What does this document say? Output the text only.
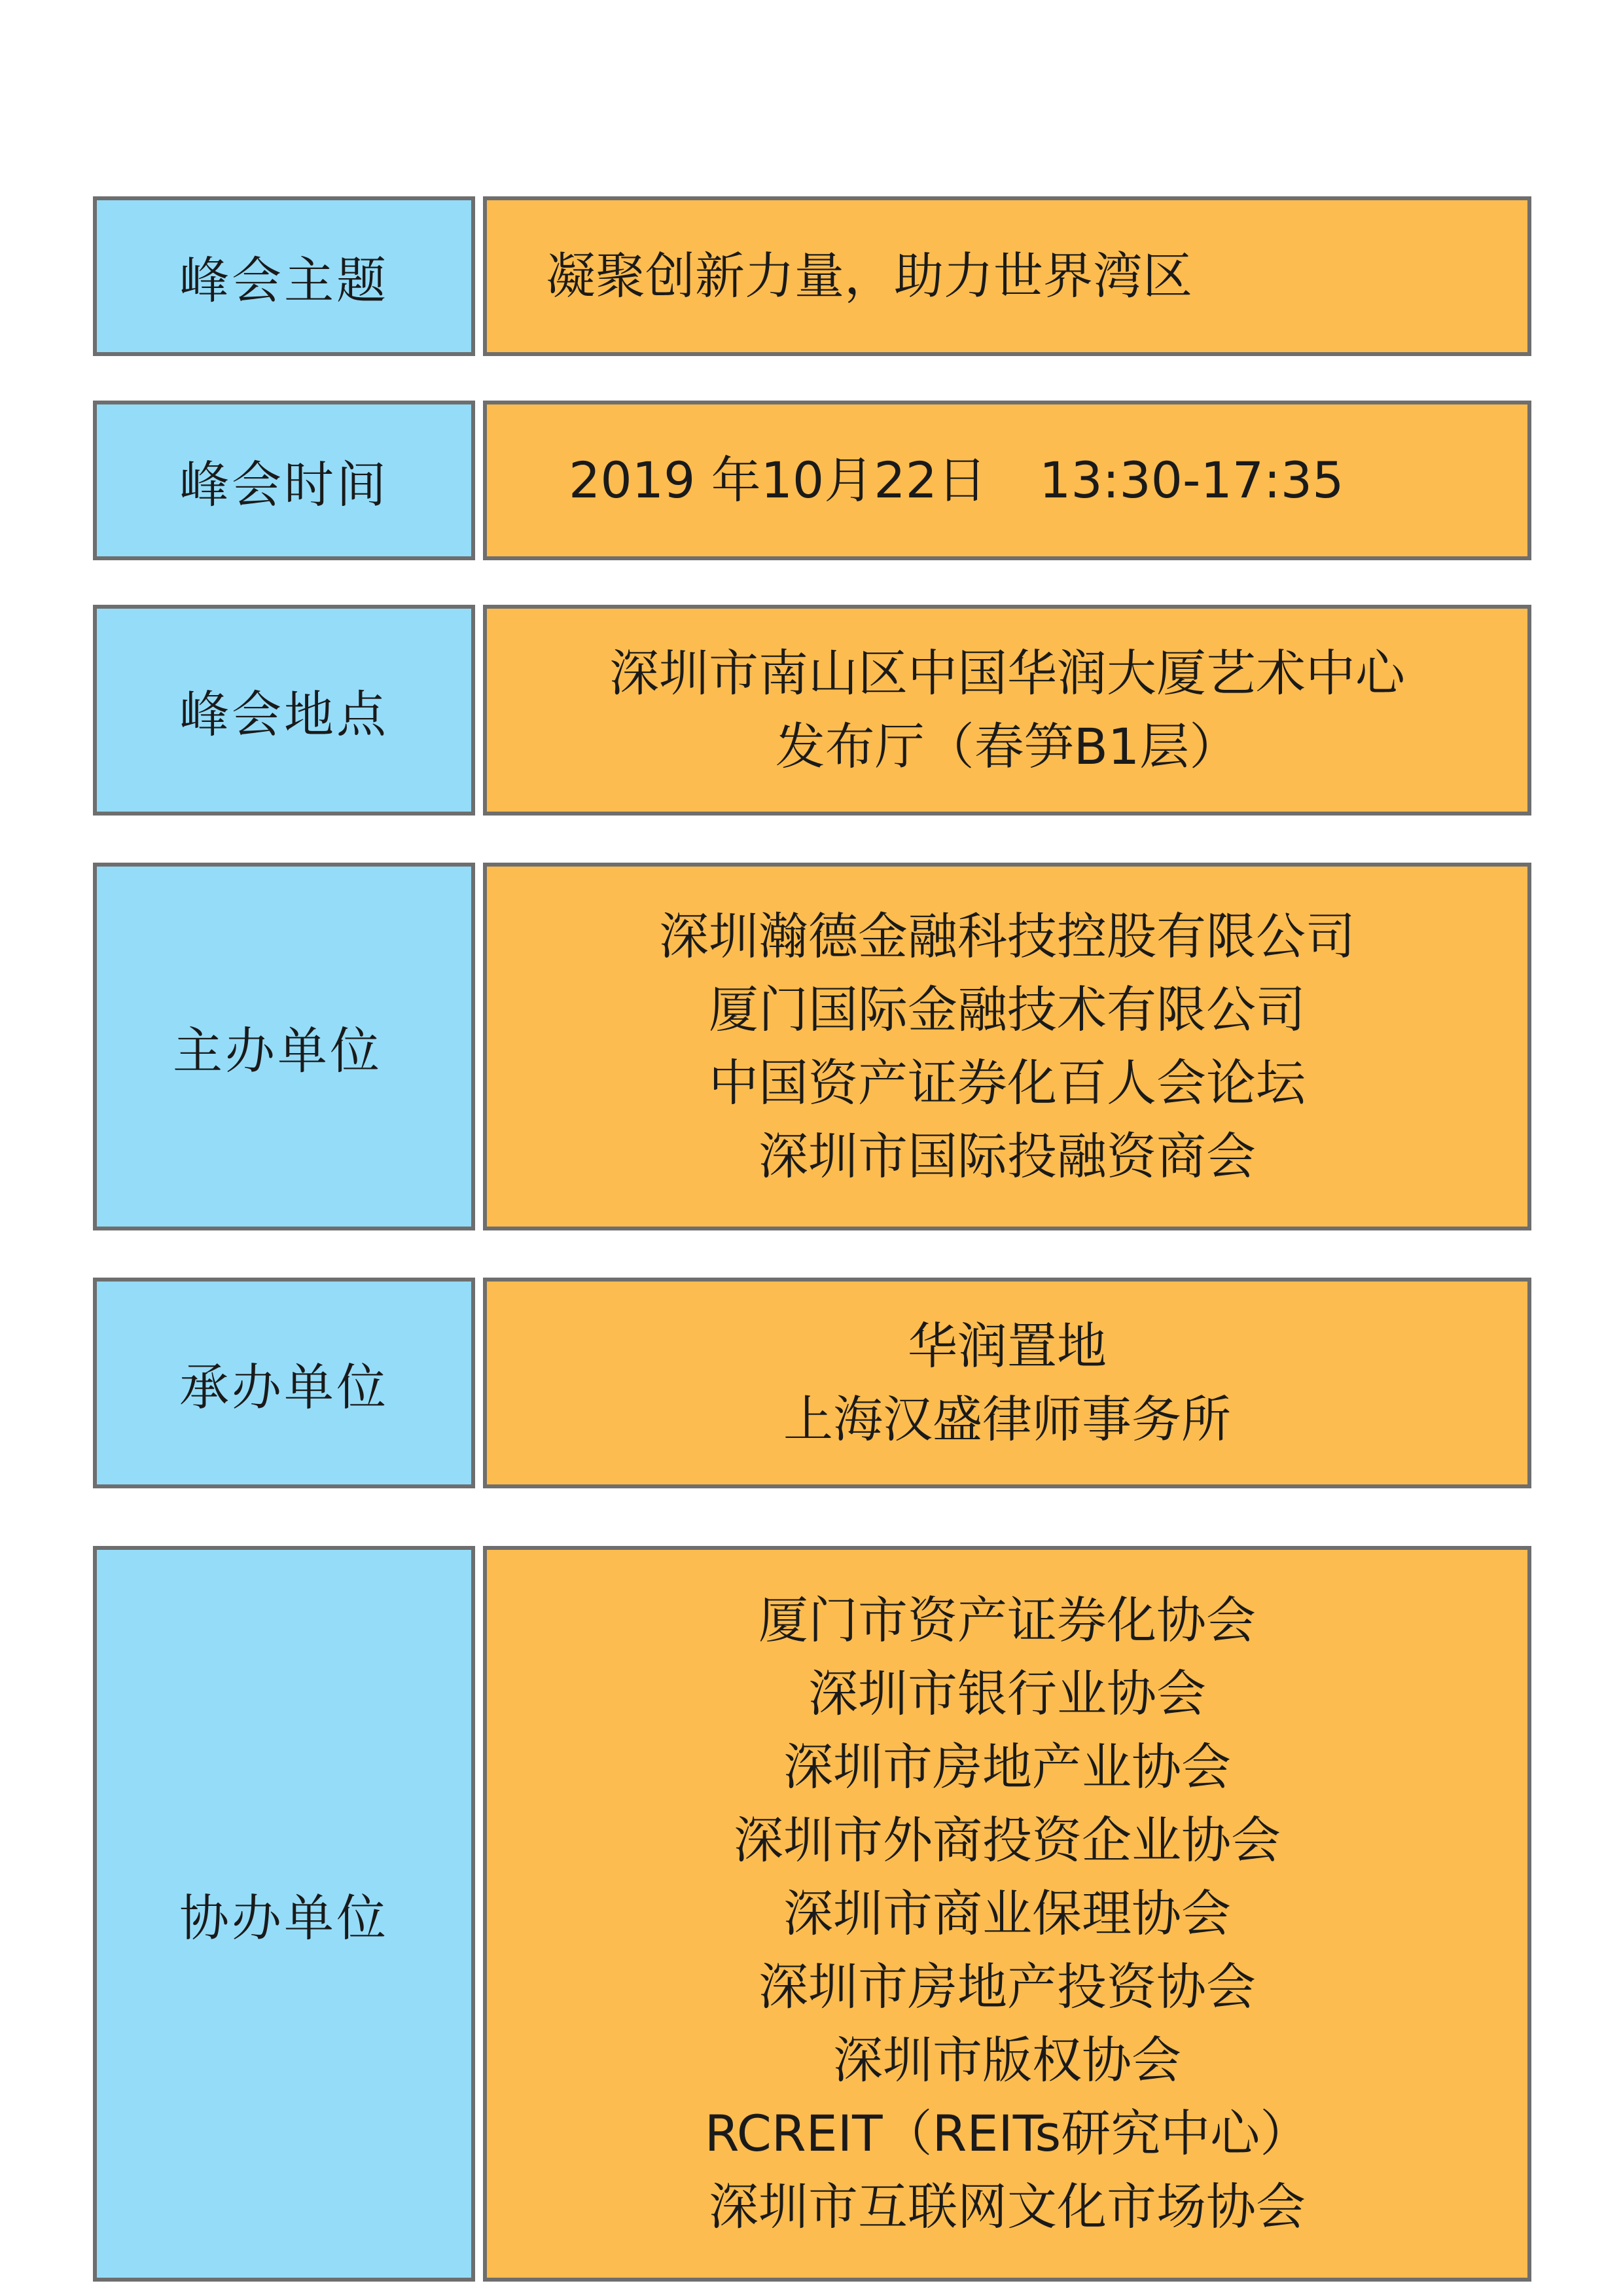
峰会主题	凝聚创新力量，助力世界湾区
峰会时间	2019 年10月22日 13:30-17:35
峰会地点
深圳市南山区中国华润大厦艺术中心
发布厅（春笋B1层）
主办单位
深圳瀚德金融科技控股有限公司
厦门国际金融技术有限公司
中国资产证券化百人会论坛
深圳市国际投融资商会
承办单位
华润置地
上海汉盛律师事务所
协办单位
厦门市资产证券化协会
深圳市银行业协会
深圳市房地产业协会
深圳市外商投资企业协会
深圳市商业保理协会
深圳市房地产投资协会
深圳市版权协会
RCREIT（REITs研究中心）
深圳市互联网文化市场协会
